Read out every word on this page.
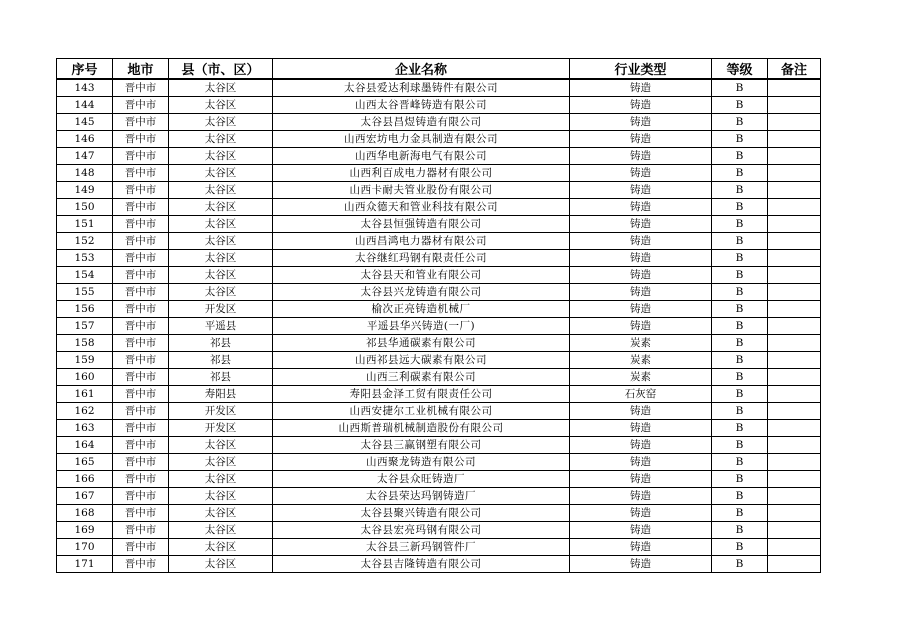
序号	地市	县（市、区）	企业名称	行业类型	等级	备注
143	晋中市	太谷区	太谷县爱达利球墨铸件有限公司	铸造	B	
144	晋中市	太谷区	山西太谷晋峰铸造有限公司	铸造	B	
145	晋中市	太谷区	太谷县昌煜铸造有限公司	铸造	B	
146	晋中市	太谷区	山西宏坊电力金具制造有限公司	铸造	B	
147	晋中市	太谷区	山西华电新海电气有限公司	铸造	B	
148	晋中市	太谷区	山西利百成电力器材有限公司	铸造	B	
149	晋中市	太谷区	山西卡耐夫管业股份有限公司	铸造	B	
150	晋中市	太谷区	山西众德天和管业科技有限公司	铸造	B	
151	晋中市	太谷区	太谷县恒强铸造有限公司	铸造	B	
152	晋中市	太谷区	山西昌鸿电力器材有限公司	铸造	B	
153	晋中市	太谷区	太谷继红玛钢有限责任公司	铸造	B	
154	晋中市	太谷区	太谷县天和管业有限公司	铸造	B	
155	晋中市	太谷区	太谷县兴龙铸造有限公司	铸造	B	
156	晋中市	开发区	榆次正亮铸造机械厂	铸造	B	
157	晋中市	平遥县	平遥县华兴铸造(一厂)	铸造	B	
158	晋中市	祁县	祁县华通碳素有限公司	炭素	B	
159	晋中市	祁县	山西祁县远大碳素有限公司	炭素	B	
160	晋中市	祁县	山西三利碳素有限公司	炭素	B	
161	晋中市	寿阳县	寿阳县金泽工贸有限责任公司	石灰窑	B	
162	晋中市	开发区	山西安捷尔工业机械有限公司	铸造	B	
163	晋中市	开发区	山西斯普瑞机械制造股份有限公司	铸造	B	
164	晋中市	太谷区	太谷县三赢钢塑有限公司	铸造	B	
165	晋中市	太谷区	山西聚龙铸造有限公司	铸造	B	
166	晋中市	太谷区	太谷县众旺铸造厂	铸造	B	
167	晋中市	太谷区	太谷县荣达玛钢铸造厂	铸造	B	
168	晋中市	太谷区	太谷县聚兴铸造有限公司	铸造	B	
169	晋中市	太谷区	太谷县宏亮玛钢有限公司	铸造	B	
170	晋中市	太谷区	太谷县三新玛钢管件厂	铸造	B	
171	晋中市	太谷区	太谷县吉隆铸造有限公司	铸造	B	
